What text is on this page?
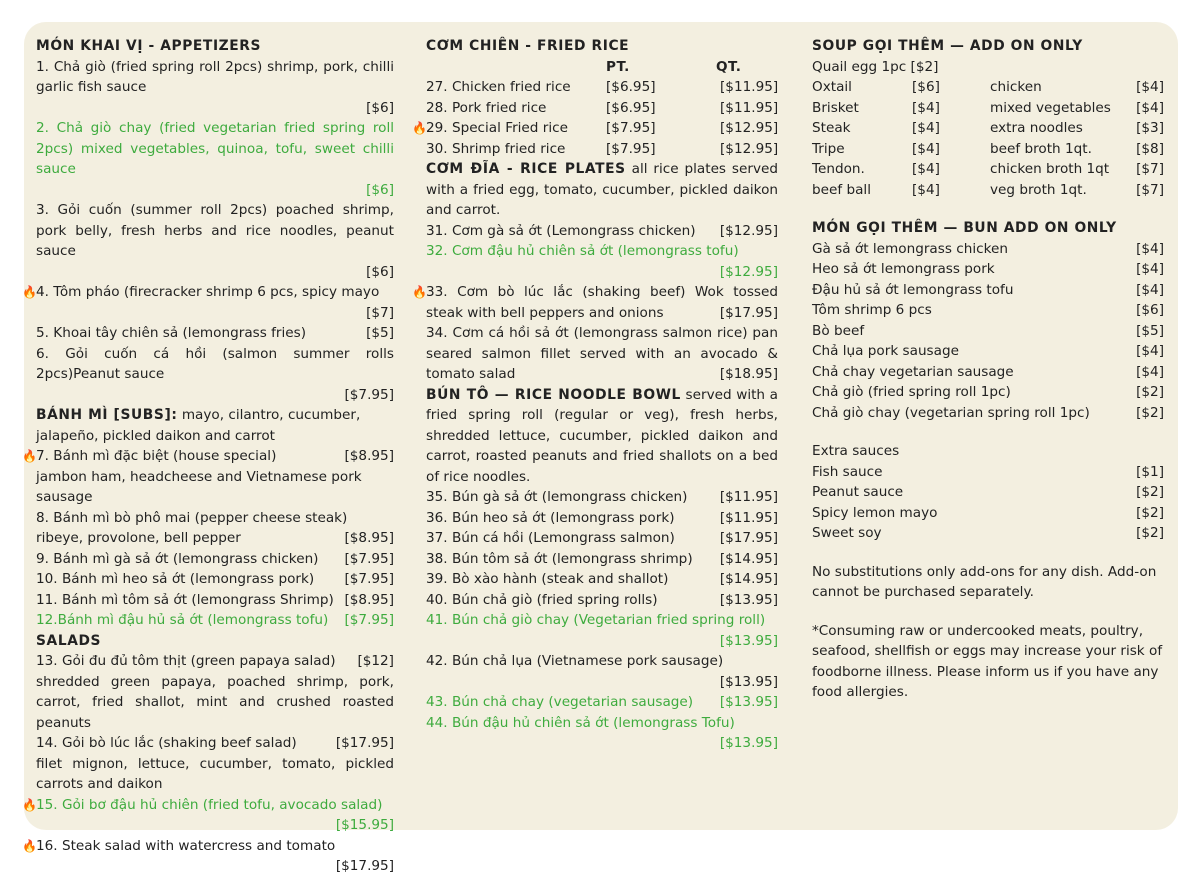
MÓN KHAI VỊ - APPETIZERS
1. Chả giò (fried spring roll 2pcs) shrimp, pork, chilli garlic fish sauce
[$6]
2. Chả giò chay (fried vegetarian fried spring roll 2pcs) mixed vegetables, quinoa, tofu, sweet chilli sauce
[$6]
3. Gỏi cuốn (summer roll 2pcs) poached shrimp, pork belly, fresh herbs and rice noodles, peanut sauce
[$6]
🔥4. Tôm pháo (firecracker shrimp 6 pcs, spicy mayo
[$7]
5. Khoai tây chiên sả (lemongrass fries)	[$5]
6. Gỏi cuốn cá hồi (salmon summer rolls 2pcs)Peanut sauce
[$7.95]
BÁNH MÌ [SUBS]: mayo, cilantro, cucumber, jalapeño, pickled daikon and carrot
🔥7. Bánh mì đặc biệt (house special)	[$8.95]
jambon ham, headcheese and Vietnamese pork sausage
8. Bánh mì bò phô mai (pepper cheese steak)
ribeye, provolone, bell pepper	[$8.95]
9. Bánh mì gà sả ớt (lemongrass chicken)	[$7.95]
10. Bánh mì heo sả ớt (lemongrass pork)	[$7.95]
11. Bánh mì tôm sả ớt (lemongrass Shrimp) [$8.95]
12.Bánh mì đậu hủ sả ớt (lemongrass tofu)	[$7.95]
SALADS
13. Gỏi đu đủ tôm thịt (green papaya salad)	[$12]
shredded green papaya, poached shrimp, pork, carrot, fried shallot, mint and crushed roasted peanuts
14. Gỏi bò lúc lắc (shaking beef salad)	[$17.95]
filet mignon, lettuce, cucumber, tomato, pickled carrots and daikon
🔥15. Gỏi bơ đậu hủ chiên (fried tofu, avocado salad)
[$15.95]
🔥16. Steak salad with watercress and tomato
[$17.95]
CƠM CHIÊN - FRIED RICE
PT.	QT.
27. Chicken fried rice	[$6.95]	[$11.95]
28. Pork fried rice	[$6.95]	[$11.95]
🔥29. Special Fried rice	[$7.95]	[$12.95]
30. Shrimp fried rice	[$7.95]	[$12.95]
CƠM ĐĨA - RICE PLATES all rice plates served with a fried egg, tomato, cucumber, pickled daikon and carrot.
31. Cơm gà sả ớt (Lemongrass chicken)	[$12.95]
32. Cơm đậu hủ chiên sả ớt (lemongrass tofu)
[$12.95]
🔥33. Cơm bò lúc lắc (shaking beef) Wok tossed steak with bell peppers and onions	[$17.95]
34. Cơm cá hồi sả ớt (lemongrass salmon rice) pan seared salmon fillet served with an avocado & tomato salad	[$18.95]
BÚN TÔ — RICE NOODLE BOWL served with a fried spring roll (regular or veg), fresh herbs, shredded lettuce, cucumber, pickled daikon and carrot, roasted peanuts and fried shallots on a bed of rice noodles.
35. Bún gà sả ớt (lemongrass chicken)	[$11.95]
36. Bún heo sả ớt (lemongrass pork)	[$11.95]
37. Bún cá hồi (Lemongrass salmon)	[$17.95]
38. Bún tôm sả ớt (lemongrass shrimp)	[$14.95]
39. Bò xào hành (steak and shallot)	[$14.95]
40. Bún chả giò (fried spring rolls)	[$13.95]
41. Bún chả giò chay (Vegetarian fried spring roll)
[$13.95]
42. Bún chả lụa (Vietnamese pork sausage)
[$13.95]
43. Bún chả chay (vegetarian sausage)	[$13.95]
44. Bún đậu hủ chiên sả ớt (lemongrass Tofu)
[$13.95]
SOUP GỌI THÊM — ADD ON ONLY
Quail egg 1pc [$2]
Oxtail	[$6]	chicken	[$4]
Brisket	[$4]	mixed vegetables	[$4]
Steak	[$4]	extra noodles	[$3]
Tripe	[$4]	beef broth 1qt.	[$8]
Tendon.	[$4]	chicken broth 1qt	[$7]
beef ball	[$4]	veg broth 1qt.	[$7]
MÓN GỌI THÊM — BUN ADD ON ONLY
Gà sả ớt lemongrass chicken	[$4]
Heo sả ớt lemongrass pork	[$4]
Đậu hủ sả ớt lemongrass tofu	[$4]
Tôm shrimp 6 pcs	[$6]
Bò beef	[$5]
Chả lụa pork sausage	[$4]
Chả chay vegetarian sausage	[$4]
Chả giò (fried spring roll 1pc)	[$2]
Chả giò chay (vegetarian spring roll 1pc)	[$2]
Extra sauces
Fish sauce	[$1]
Peanut sauce	[$2]
Spicy lemon mayo	[$2]
Sweet soy	[$2]
No substitutions only add-ons for any dish. Add-on cannot be purchased separately.
*Consuming raw or undercooked meats, poultry, seafood, shellfish or eggs may increase your risk of foodborne illness. Please inform us if you have any food allergies.
